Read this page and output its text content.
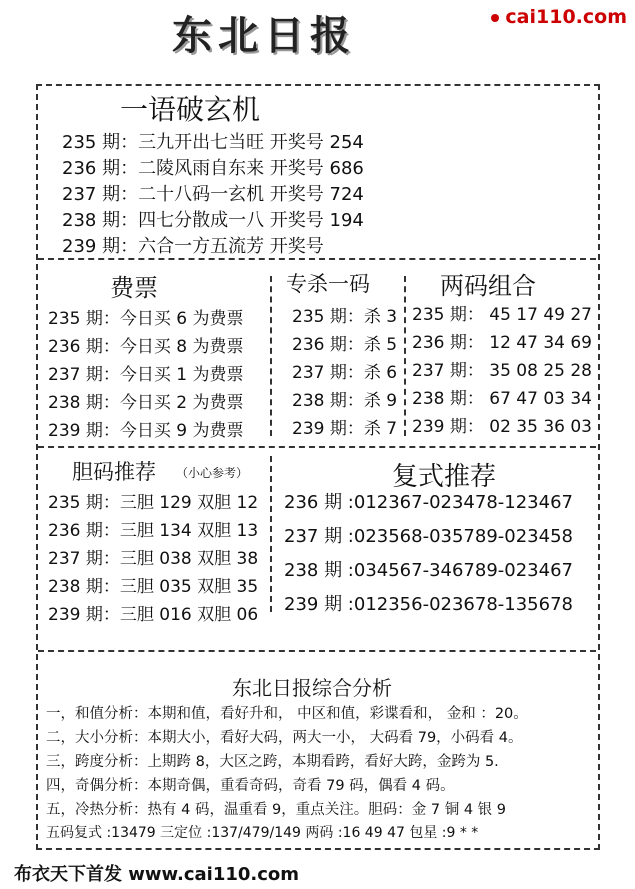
东北日报	cai110.com
一语破玄机
235 期：三九开出七当旺 开奖号 254
236 期：二陵风雨自东来 开奖号 686
237 期：二十八码一玄机 开奖号 724
238 期：四七分散成一八 开奖号 194
239 期：六合一方五流芳 开奖号
费票
235 期：今日买 6 为费票
236 期：今日买 8 为费票
237 期：今日买 1 为费票
238 期：今日买 2 为费票
239 期：今日买 9 为费票
专杀一码
235 期：杀 3
236 期：杀 5
237 期：杀 6
238 期：杀 9
239 期：杀 7
两码组合
235 期： 45 17 49 27
236 期： 12 47 34 69
237 期： 35 08 25 28
238 期： 67 47 03 34
239 期： 02 35 36 03
胆码推荐 （小心参考）
235 期：三胆 129 双胆 12
236 期：三胆 134 双胆 13
237 期：三胆 038 双胆 38
238 期：三胆 035 双胆 35
239 期：三胆 016 双胆 06
复式推荐
236 期 :012367-023478-123467
237 期 :023568-035789-023458
238 期 :034567-346789-023467
239 期 :012356-023678-135678
东北日报综合分析
一，和值分析：本期和值，看好升和， 中区和值，彩谍看和， 金和 ：20。
二，大小分析：本期大小，看好大码，两大一小， 大码看 79，小码看 4。
三，跨度分析：上期跨 8，大区之跨，本期看跨，看好大跨，金跨为 5.
四，奇偶分析：本期奇偶，重看奇码，奇看 79 码，偶看 4 码。
五，冷热分析：热有 4 码，温重看 9，重点关注。胆码：金 7 铜 4 银 9
五码复式 :13479 三定位 :137/479/149 两码 :16 49 47 包星 :9 * *
布衣天下首发 www.cai110.com
